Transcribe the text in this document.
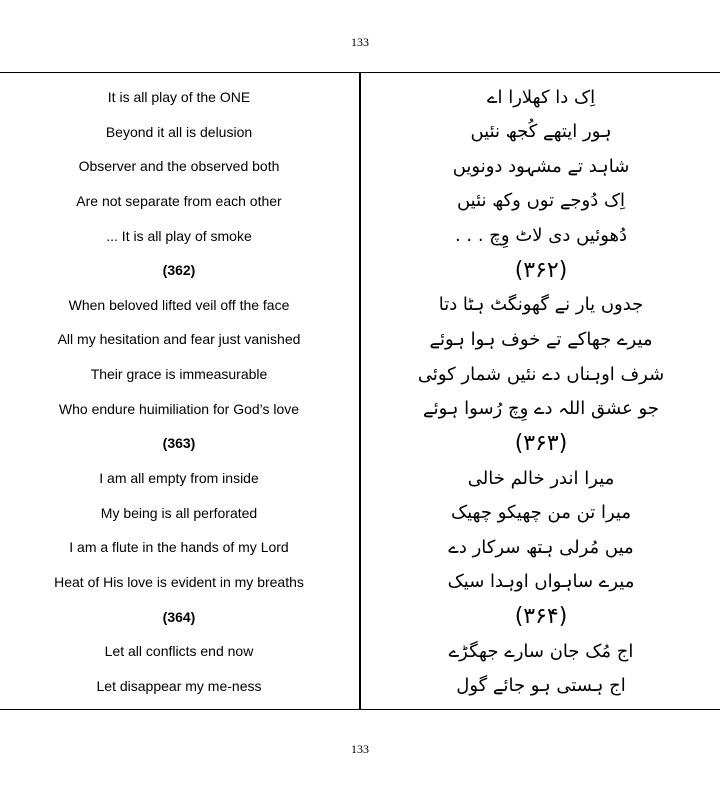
133
It is all play of the ONE
Beyond it all is delusion
Observer and the observed both
Are not separate from each other
... It is all play of smoke
(362)
When beloved lifted veil off the face
All my hesitation and fear just vanished
Their grace is immeasurable
Who endure huimiliation for God’s love
(363)
I am all empty from inside
My being is all perforated
I am a flute in the hands of my Lord
Heat of His love is evident in my breaths
(364)
Let all conflicts end now
Let disappear my me-ness
اِک دا کھلارا اے
ہور ایتھے کُجھ نئیں
شاہد تے مشہود دونویں
اِک دُوجے توں وکھ نئیں
دُھوئیں دی لاٹ وِچ . . .
(۳۶۲)
جدوں یار نے گھونگٹ ہٹا دتا
میرے جھاکے تے خوف ہوا ہوئے
شرف اوہناں دے نئیں شمار کوئی
جو عشق اللہ دے وِچ رُسوا ہوئے
(۳۶۳)
میرا اندر خالم خالی
میرا تن من چھیکو چھیک
میں مُرلی ہتھ سرکار دے
میرے ساہواں اوہدا سیک
(۳۶۴)
اج مُک جان سارے جھگڑے
اج ہستی ہو جائے گول
133
